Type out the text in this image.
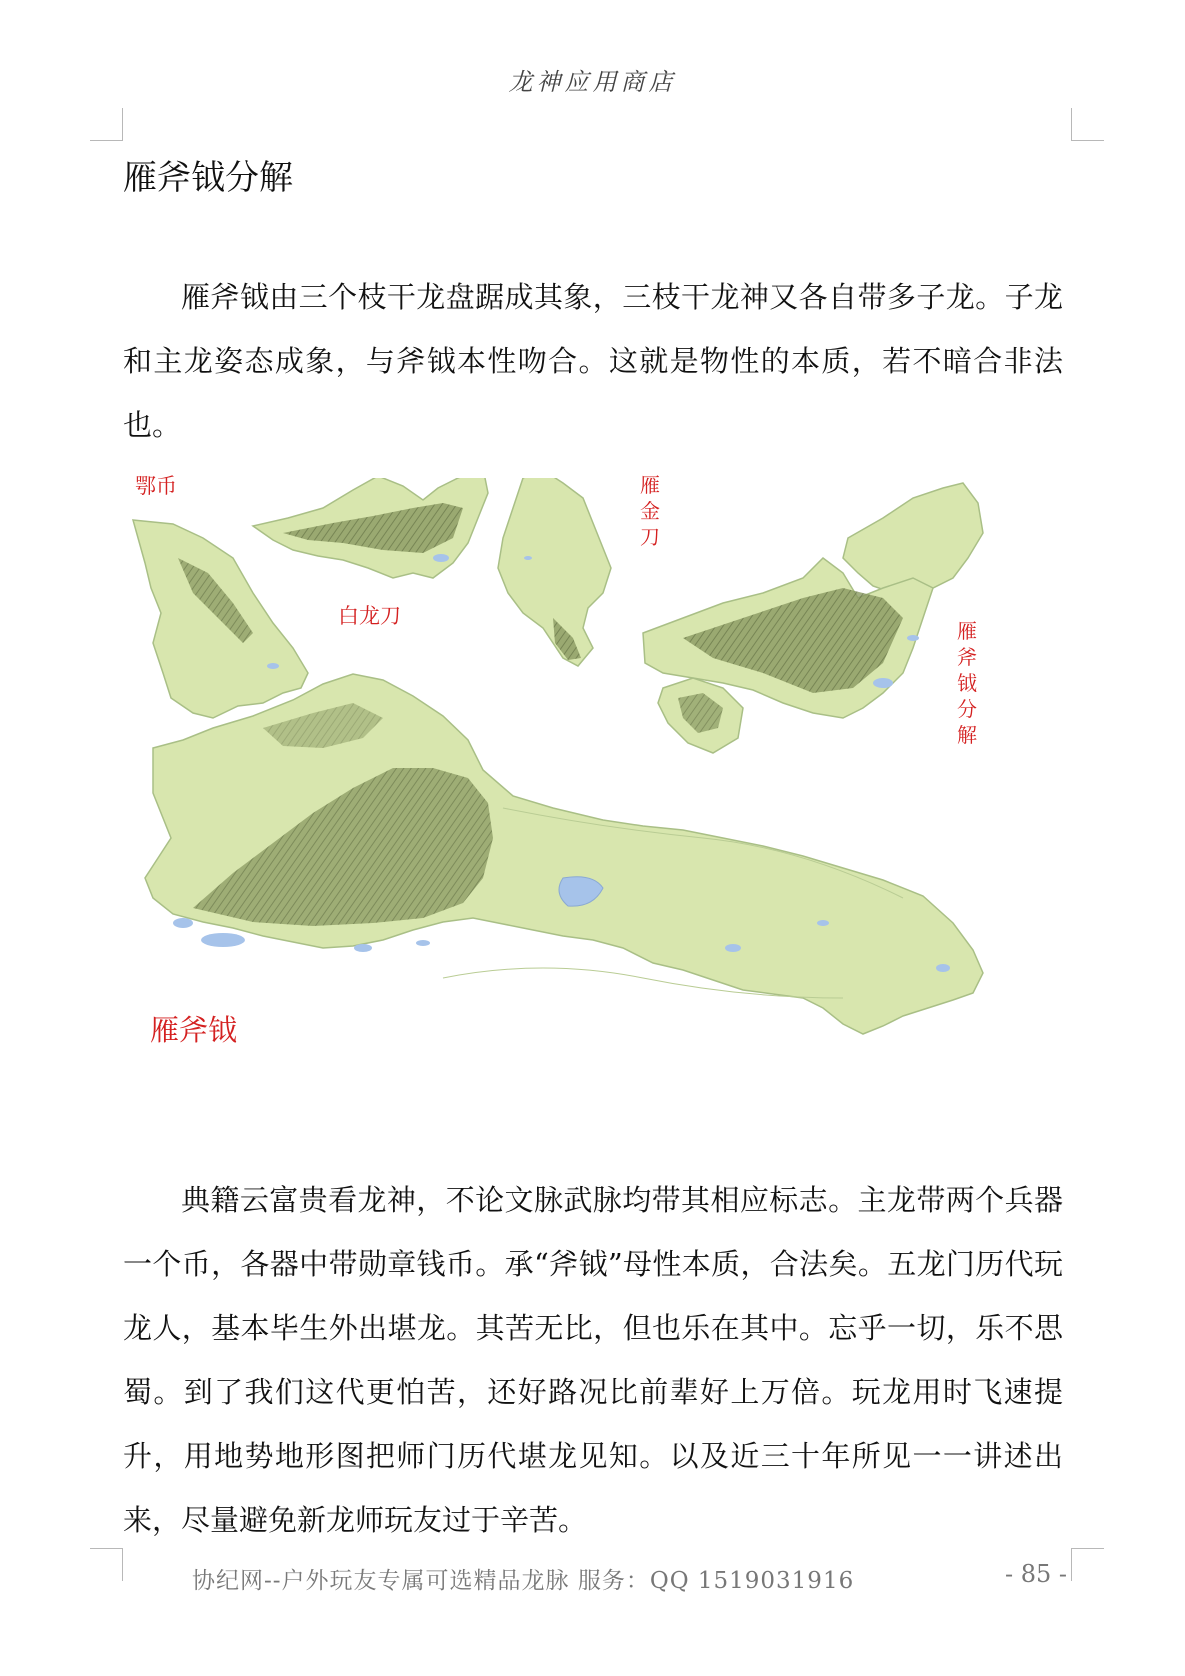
龙神应用商店
雁斧钺分解
雁斧钺由三个枝干龙盘踞成其象，三枝干龙神又各自带多子龙。子龙和主龙姿态成象，与斧钺本性吻合。这就是物性的本质，若不暗合非法也。
鄂币
白龙刀
雁金刀
雁斧钺分解
雁斧钺
典籍云富贵看龙神，不论文脉武脉均带其相应标志。主龙带两个兵器一个币，各器中带勋章钱币。承“斧钺”母性本质，合法矣。五龙门历代玩龙人，基本毕生外出堪龙。其苦无比，但也乐在其中。忘乎一切，乐不思蜀。到了我们这代更怕苦，还好路况比前辈好上万倍。玩龙用时飞速提升，用地势地形图把师门历代堪龙见知。以及近三十年所见一一讲述出来，尽量避免新龙师玩友过于辛苦。
协纪网--户外玩友专属可选精品龙脉 服务：QQ 1519031916	- 85 -
